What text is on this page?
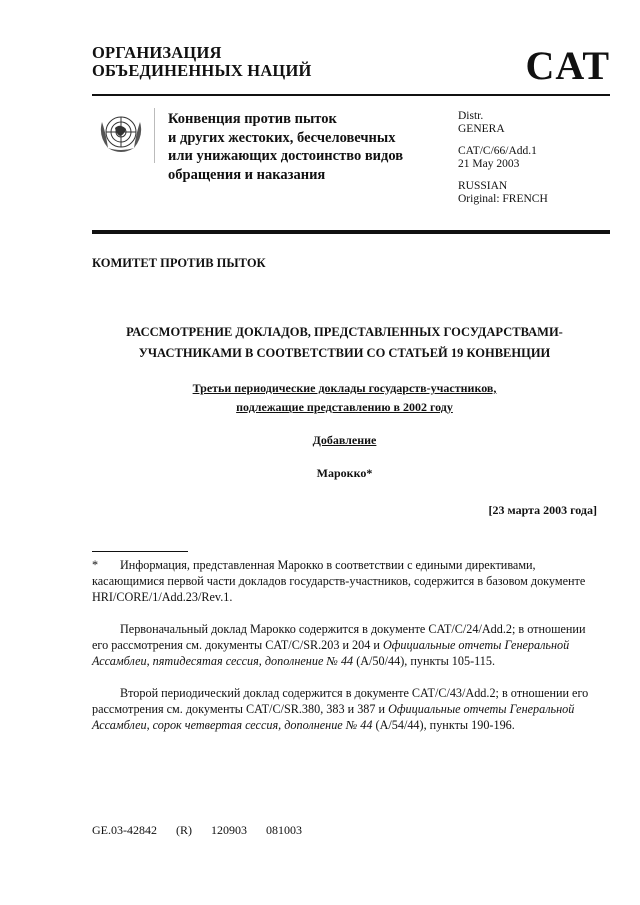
ОРГАНИЗАЦИЯ
ОБЪЕДИНЕННЫХ НАЦИЙ	CAT
Конвенция против пыток
и других жестоких, бесчеловечных
или унижающих достоинство видов
обращения и наказания
Distr.
GENERA
CAT/C/66/Add.1
21 May 2003
RUSSIAN
Original: FRENCH
КОМИТЕТ ПРОТИВ ПЫТОК
РАССМОТРЕНИЕ ДОКЛАДОВ, ПРЕДСТАВЛЕННЫХ ГОСУДАРСТВАМИ-
УЧАСТНИКАМИ В СООТВЕТСТВИИ СО СТАТЬЕЙ 19 КОНВЕНЦИИ
Третьи периодические доклады государств-участников,
подлежащие представлению в 2002 году
Добавление
Марокко*
[23 марта 2003 года]

* Информация, представленная Марокко в соответствии с едиными директивами, касающимися первой части докладов государств-участников, содержится в базовом документе HRI/CORE/1/Add.23/Rev.1.

Первоначальный доклад Марокко содержится в документе CAT/C/24/Add.2; в отношении его рассмотрения см. документы CAT/C/SR.203 и 204 и Официальные отчеты Генеральной Ассамблеи, пятидесятая сессия, дополнение № 44 (A/50/44), пункты 105-115.

Второй периодический доклад содержится в документе CAT/C/43/Add.2; в отношении его рассмотрения см. документы CAT/C/SR.380, 383 и 387 и Официальные отчеты Генеральной Ассамблеи, сорок четвертая сессия, дополнение № 44 (A/54/44), пункты 190-196.

GE.03-42842 (R) 120903 081003
